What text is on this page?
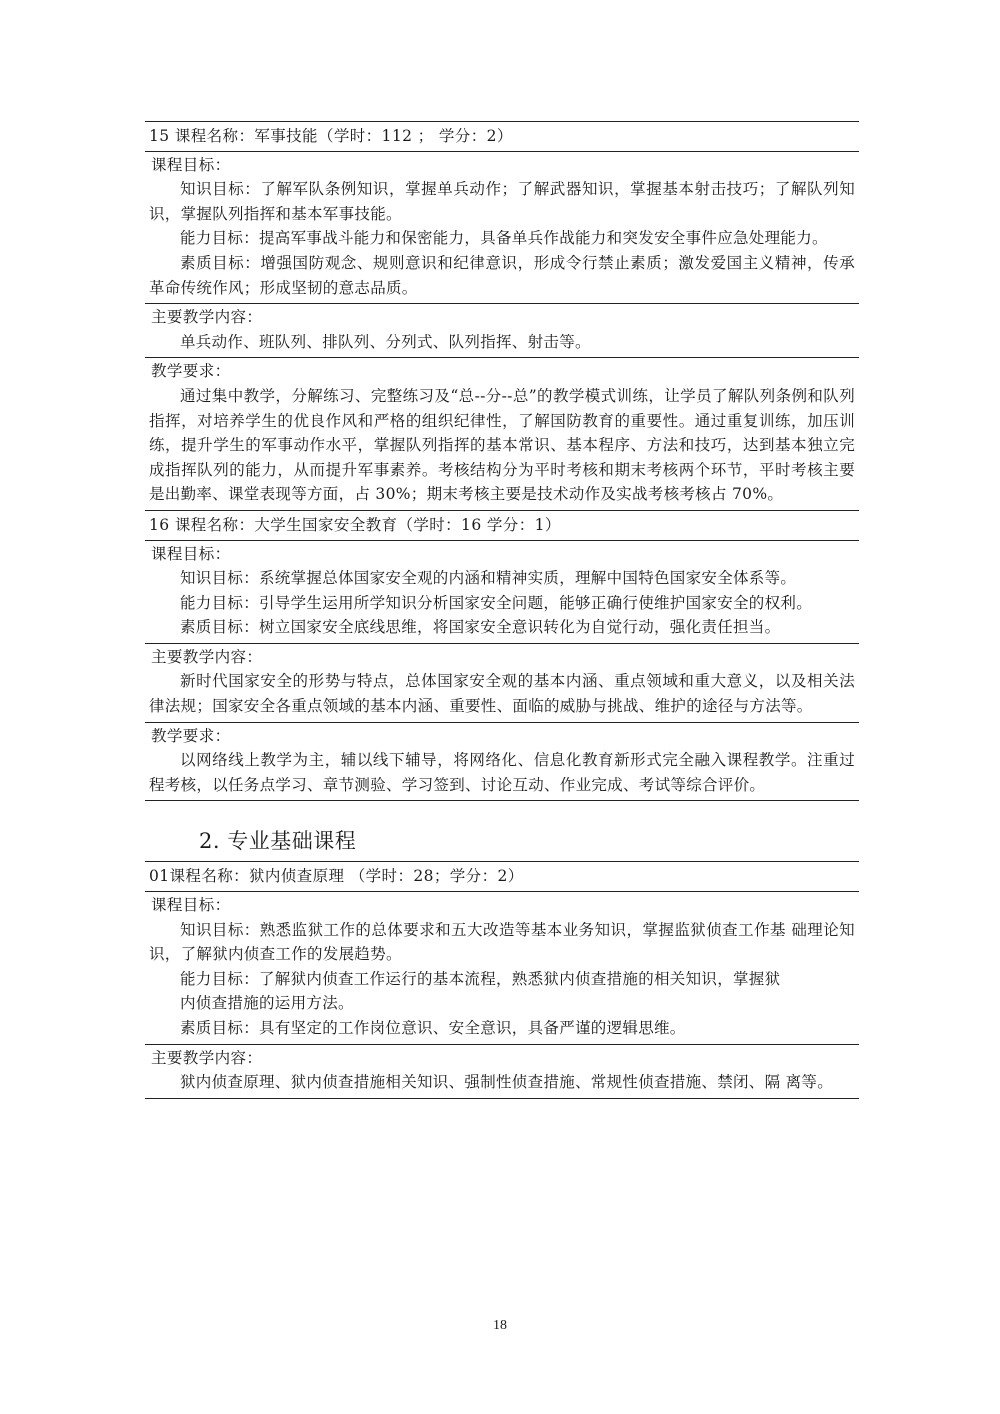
15 课程名称：军事技能（学时：112 ； 学分：2）
课程目标：

知识目标：了解军队条例知识，掌握单兵动作；了解武器知识，掌握基本射击技巧；了解队列知识，掌握队列指挥和基本军事技能。

能力目标：提高军事战斗能力和保密能力，具备单兵作战能力和突发安全事件应急处理能力。

素质目标：增强国防观念、规则意识和纪律意识，形成令行禁止素质；激发爱国主义精神，传承革命传统作风；形成坚韧的意志品质。

主要教学内容：

单兵动作、班队列、排队列、分列式、队列指挥、射击等。

教学要求：

通过集中教学，分解练习、完整练习及“总--分--总”的教学模式训练，让学员了解队列条例和队列指挥，对培养学生的优良作风和严格的组织纪律性，了解国防教育的重要性。通过重复训练，加压训练，提升学生的军事动作水平，掌握队列指挥的基本常识、基本程序、方法和技巧，达到基本独立完成指挥队列的能力，从而提升军事素养。考核结构分为平时考核和期末考核两个环节，平时考核主要是出勤率、课堂表现等方面，占 30%；期末考核主要是技术动作及实战考核考核占 70%。

16 课程名称：大学生国家安全教育（学时：16 学分：1）
课程目标：

知识目标：系统掌握总体国家安全观的内涵和精神实质，理解中国特色国家安全体系等。

能力目标：引导学生运用所学知识分析国家安全问题，能够正确行使维护国家安全的权利。

素质目标：树立国家安全底线思维，将国家安全意识转化为自觉行动，强化责任担当。

主要教学内容：

新时代国家安全的形势与特点，总体国家安全观的基本内涵、重点领域和重大意义，以及相关法律法规；国家安全各重点领域的基本内涵、重要性、面临的威胁与挑战、维护的途径与方法等。

教学要求：

以网络线上教学为主，辅以线下辅导，将网络化、信息化教育新形式完全融入课程教学。注重过程考核，以任务点学习、章节测验、学习签到、讨论互动、作业完成、考试等综合评价。

2. 专业基础课程
01课程名称：狱内侦查原理 （学时：28；学分：2）
课程目标：

知识目标：熟悉监狱工作的总体要求和五大改造等基本业务知识，掌握监狱侦查工作基 础理论知识，了解狱内侦查工作的发展趋势。

能力目标：了解狱内侦查工作运行的基本流程，熟悉狱内侦查措施的相关知识，掌握狱

内侦查措施的运用方法。

素质目标：具有坚定的工作岗位意识、安全意识，具备严谨的逻辑思维。

主要教学内容：

狱内侦查原理、狱内侦查措施相关知识、强制性侦查措施、常规性侦查措施、禁闭、隔 离等。

18
